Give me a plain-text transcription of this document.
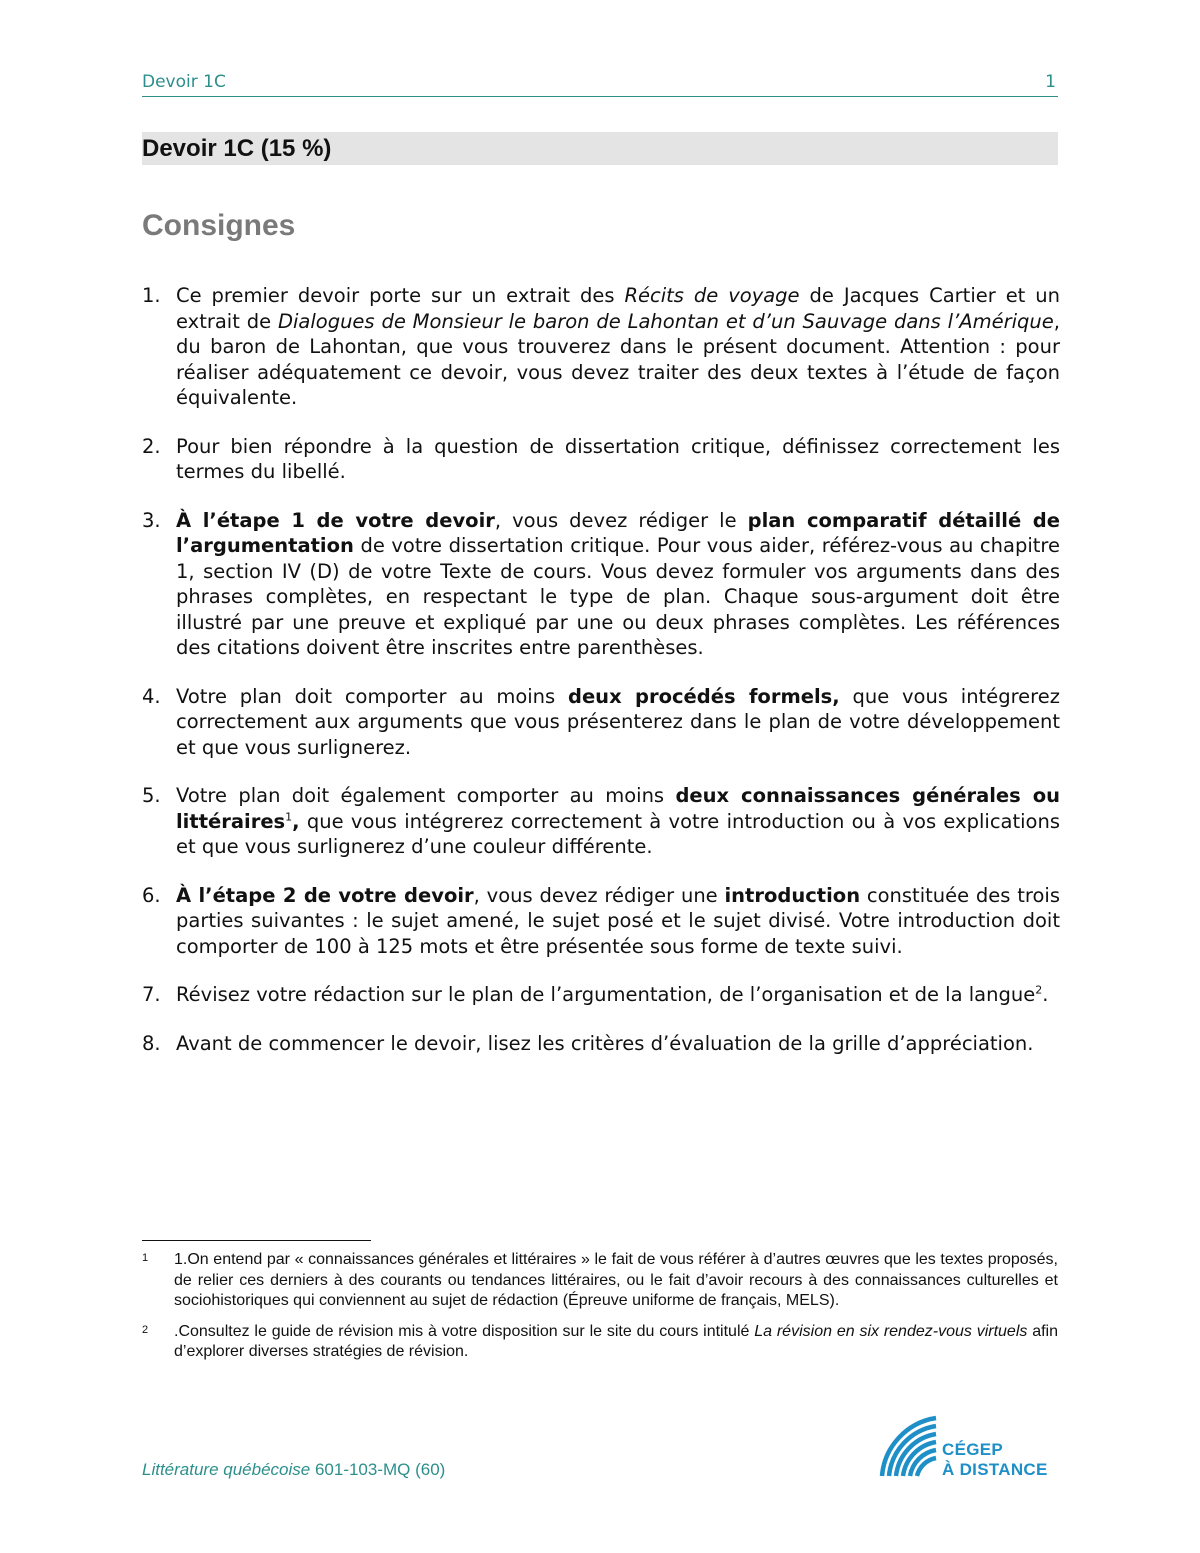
Devoir 1C	1
Devoir 1C (15 %)
Consignes
1. Ce premier devoir porte sur un extrait des Récits de voyage de Jacques Cartier et un extrait de Dialogues de Monsieur le baron de Lahontan et d’un Sauvage dans l’Amérique, du baron de Lahontan, que vous trouverez dans le présent document. Attention : pour réaliser adéquatement ce devoir, vous devez traiter des deux textes à l’étude de façon équivalente.
2. Pour bien répondre à la question de dissertation critique, définissez correctement les termes du libellé.
3. À l’étape 1 de votre devoir, vous devez rédiger le plan comparatif détaillé de l’argumentation de votre dissertation critique. Pour vous aider, référez-vous au chapitre 1, section IV (D) de votre Texte de cours. Vous devez formuler vos arguments dans des phrases complètes, en respectant le type de plan. Chaque sous-argument doit être illustré par une preuve et expliqué par une ou deux phrases complètes. Les références des citations doivent être inscrites entre parenthèses.
4. Votre plan doit comporter au moins deux procédés formels, que vous intégrerez correctement aux arguments que vous présenterez dans le plan de votre développement et que vous surlignerez.
5. Votre plan doit également comporter au moins deux connaissances générales ou littéraires$^1$, que vous intégrerez correctement à votre introduction ou à vos explications et que vous surlignerez d’une couleur différente.
6. À l’étape 2 de votre devoir, vous devez rédiger une introduction constituée des trois parties suivantes : le sujet amené, le sujet posé et le sujet divisé. Votre introduction doit comporter de 100 à 125 mots et être présentée sous forme de texte suivi.
7. Révisez votre rédaction sur le plan de l’argumentation, de l’organisation et de la langue$^2$.
8. Avant de commencer le devoir, lisez les critères d’évaluation de la grille d’appréciation.
1 1.On entend par « connaissances générales et littéraires » le fait de vous référer à d’autres œuvres que les textes proposés, de relier ces derniers à des courants ou tendances littéraires, ou le fait d’avoir recours à des connaissances culturelles et sociohistoriques qui conviennent au sujet de rédaction (Épreuve uniforme de français, MELS).
2 .Consultez le guide de révision mis à votre disposition sur le site du cours intitulé La révision en six rendez-vous virtuels afin d’explorer diverses stratégies de révision.
Littérature québécoise 601-103-MQ (60)
CÉGEP
À DISTANCE
